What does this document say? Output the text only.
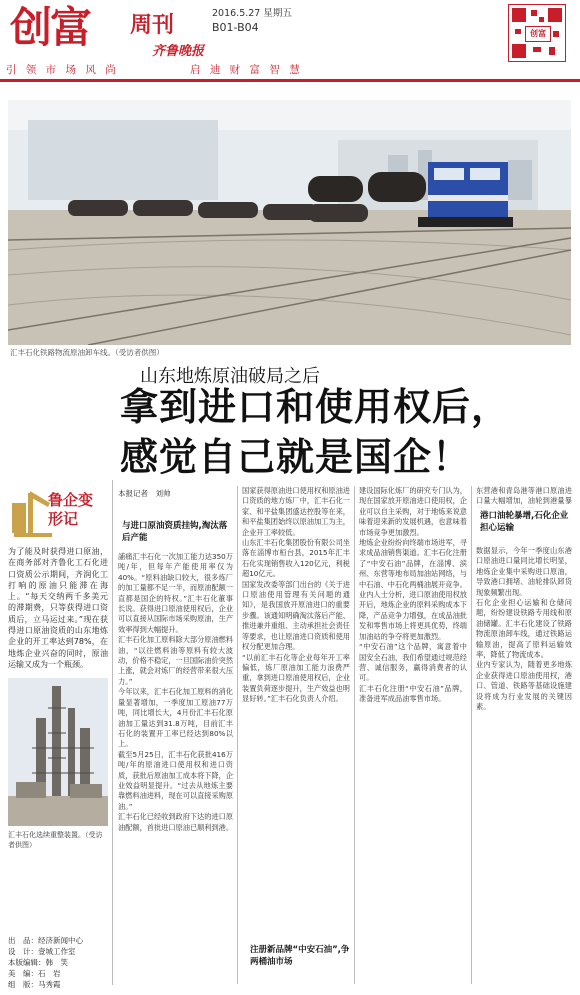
创富 周刊	2016.5.27 星期五
B01-B04
齐鲁晚报
创富
引 领 市 场 风 尚	启 迪 财 富 智 慧
汇丰石化铁路物流原油卸车线。（受访者供图）
山东地炼原油破局之后
拿到进口和使用权后，
感觉自己就是国企！
鲁企变形记
为了能及时获得进口原油，在商务部对齐鲁化工石化进口资质公示期间，齐润化工打响的原油只能滞在海上。“每天交纳两千多美元的滞期费，只等获得进口资质后，立马运过来。”现在获得进口原油资质的山东地炼企业的开工率达到78%，在地炼企业兴奋的同时，原油运输又成为一个瓶颈。
汇丰石化选续重整装置。（受访者供图）
出　品：经济新闻中心
设　计：壹城工作室
本版编辑：韩　笑
美　编：石　岩
组　版：马秀霞
本报记者　刘帅
与进口原油资质挂钩,淘汰落后产能
誧痛汇丰石化一次加工能力达350万吨/年，但每年产能使用率仅为40%。“原料油缺口较大，很多炼厂的加工量都不足一半，而原油配额一直都是国企的特权。”汇丰石化董事长说。获得进口原油使用权后，企业可以直接从国际市场采购原油，生产效率得到大幅提升。
汇丰石化加工原料除大部分原油燃料油，“以往燃料油等原料有较大波动，价格不稳定，一旦国际油价突然上涨，就会对炼厂的经营带来很大压力。”
今年以来，汇丰石化加工原料的消化量显著增加，一季度加工原油77万吨，同比增长大，4月份汇丰石化原油加工量达到31.8万吨，目前汇丰石化的装置开工率已经达到80%以上。
截至5月25日，汇丰石化获批416万吨/年的原油进口使用权和进口资质，获批后原油加工成本将下降，企业效益明显提升。“过去从地炼主要靠燃料油进料，现在可以直接采购原油。”
汇丰石化已经收到政府下达的进口原油配额，首批进口原油已顺利到港。
国家获得原油进口使用权和原油进口资质的地方炼厂中，汇丰石化一家、和平盐集团盛达控股等在来，和平盐集团始终以原油加工为主，企业开工率较低。
山东汇丰石化集团股份有限公司坐落在淄博市桓台县，2015年汇丰石化实现销售收入120亿元，利税超10亿元。
国家发改委等部门出台的《关于进口原油使用管理有关问题的通知》，是我国放开原油进口的重要步骤。该通知明确淘汰落后产能、推进兼并重组、主动承担社会责任等要求，也让原油进口资质和使用权分配更加合理。
“以前汇丰石化等企业每年开工率偏低，炼厂原油加工能力浪费严重，拿到进口原油使用权后，企业装置负荷逐步提升，生产效益也明显好转。”汇丰石化负责人介绍。
注册新品牌“中安石油”,争两桶油市场
建设国际化炼厂的研究专门认为，现在国家放开原油进口使用权，企业可以自主采购，对于地炼来说意味着迎来新的发展机遇，也意味着市场竞争更加激烈。
地炼企业纷纷向终端市场进军，寻求成品油销售渠道。汇丰石化注册了“中安石油”品牌，在淄博、滨州、东营等地布局加油站网络，与中石油、中石化两桶油展开竞争。
业内人士分析，进口原油使用权放开后，地炼企业的原料采购成本下降，产品竞争力增强，在成品油批发和零售市场上将更具优势，终端加油站的争夺将更加激烈。
“中安石油”这个品牌，寓意着中国安全石油，我们希望通过规范经营、诚信服务，赢得消费者的认可。
汇丰石化注册“中安石油”品牌，准备进军成品油零售市场。
东营港和青岛港等港口原油进口量大幅增加，油轮到港量暴
港口油轮暴增,石化企业担心运输
数据显示，今年一季度山东港口原油进口量同比增长明显，地炼企业集中采购进口原油，导致港口拥堵、油轮排队卸货现象频繁出现。
石化企业担心运输和仓储问题，纷纷建设铁路专用线和原油储罐。汇丰石化建设了铁路物流原油卸车线，通过铁路运输原油，提高了原料运输效率，降低了物流成本。
业内专家认为，随着更多地炼企业获得进口原油使用权，港口、管道、铁路等基础设施建设将成为行业发展的关键因素。
